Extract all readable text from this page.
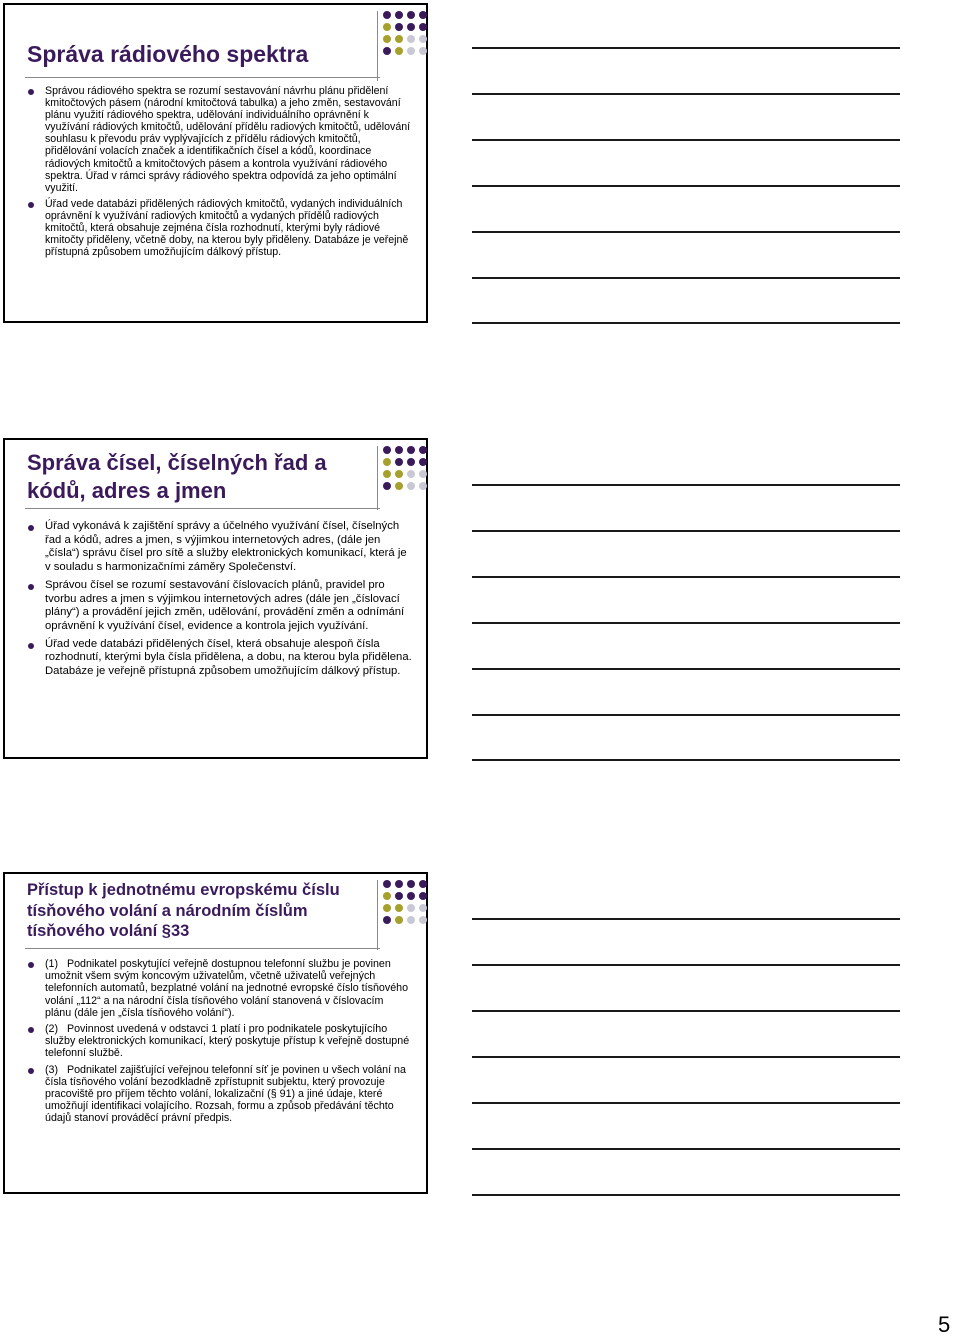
Správa rádiového spektra
Správou rádiového spektra se rozumí sestavování návrhu plánu přidělení kmitočtových pásem (národní kmitočtová tabulka) a jeho změn, sestavování plánu využití rádiového spektra, udělování individuálního oprávnění k využívání rádiových kmitočtů, udělování přídělu radiových kmitočtů, udělování souhlasu k převodu práv vyplývajících z přídělu rádiových kmitočtů, přidělování volacích značek a identifikačních čísel a kódů, koordinace rádiových kmitočtů a kmitočtových pásem a kontrola využívání rádiového spektra. Úřad v rámci správy rádiového spektra odpovídá za jeho optimální využití.
Úřad vede databázi přidělených rádiových kmitočtů, vydaných individuálních oprávnění k využívání radiových kmitočtů a vydaných přídělů radiových kmitočtů, která obsahuje zejména čísla rozhodnutí, kterými byly rádiové kmitočty přiděleny, včetně doby, na kterou byly přiděleny. Databáze je veřejně přístupná způsobem umožňujícím dálkový přístup.
Správa čísel, číselných řad a kódů, adres a jmen
Úřad vykonává k zajištění správy a účelného využívání čísel, číselných řad a kódů, adres a jmen, s výjimkou internetových adres, (dále jen „čísla“) správu čísel pro sítě a služby elektronických komunikací, která je v souladu s harmonizačními záměry Společenství.
Správou čísel se rozumí sestavování číslovacích plánů, pravidel pro tvorbu adres a jmen s výjimkou internetových adres (dále jen „číslovací plány“) a provádění jejich změn, udělování, provádění změn a odnímání oprávnění k využívání čísel, evidence a kontrola jejich využívání.
Úřad vede databázi přidělených čísel, která obsahuje alespoň čísla rozhodnutí, kterými byla čísla přidělena, a dobu, na kterou byla přidělena. Databáze je veřejně přístupná způsobem umožňujícím dálkový přístup.
Přístup k jednotnému evropskému číslu tísňového volání a národním číslům tísňového volání §33
(1)   Podnikatel poskytující veřejně dostupnou telefonní službu je povinen umožnit všem svým koncovým uživatelům, včetně uživatelů veřejných telefonních automatů, bezplatné volání na jednotné evropské číslo tísňového volání „112“ a na národní čísla tísňového volání stanovená v číslovacím plánu (dále jen „čísla tísňového volání“).
(2)   Povinnost uvedená v odstavci 1 platí i pro podnikatele poskytujícího služby elektronických komunikací, který poskytuje přístup k veřejně dostupné telefonní službě.
(3)   Podnikatel zajišťující veřejnou telefonní síť je povinen u všech volání na čísla tísňového volání bezodkladně zpřístupnit subjektu, který provozuje pracoviště pro příjem těchto volání, lokalizační (§ 91) a jiné údaje, které umožňují identifikaci volajícího. Rozsah, formu a způsob předávání těchto údajů stanoví prováděcí právní předpis.
5
